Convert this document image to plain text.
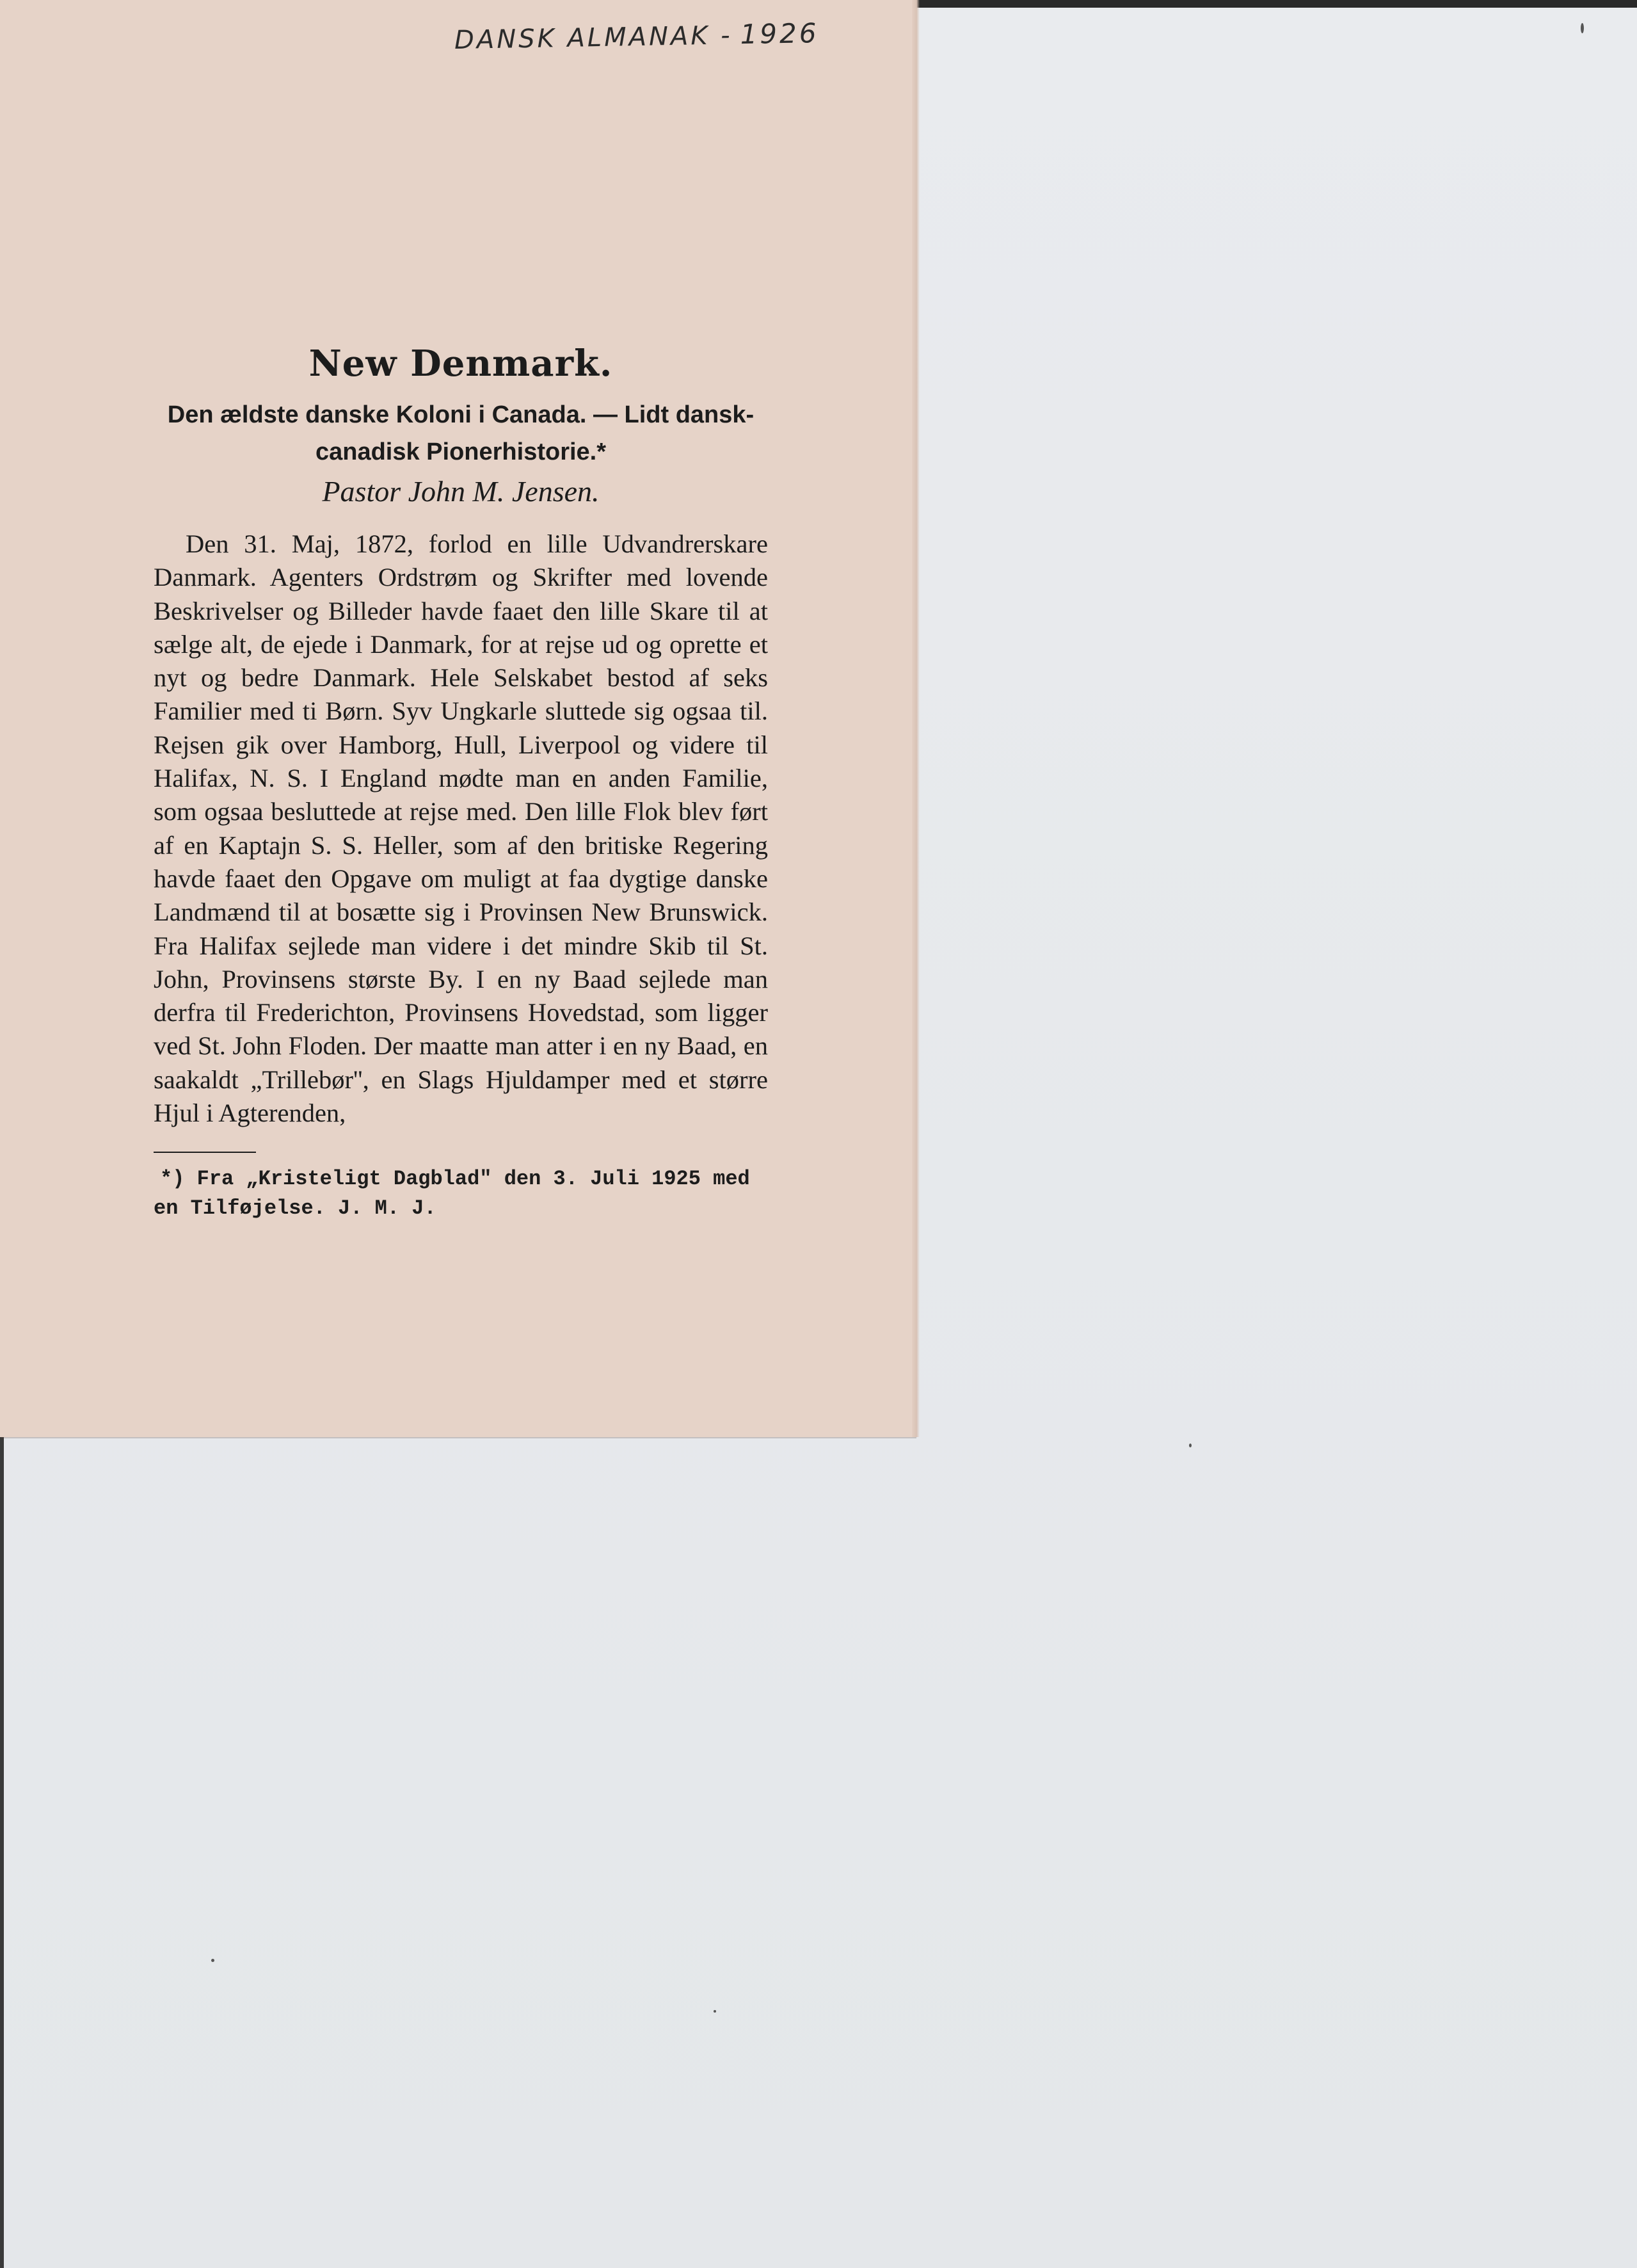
DANSK ALMANAK - 1926
New Denmark.

Den ældste danske Koloni i Canada. — Lidt dansk-canadisk Pionerhistorie.*

Pastor John M. Jensen.

Den 31. Maj, 1872, forlod en lille Udvandrerskare Danmark. Agenters Ordstrøm og Skrifter med lovende Beskrivelser og Billeder havde faaet den lille Skare til at sælge alt, de ejede i Danmark, for at rejse ud og oprette et nyt og bedre Danmark. Hele Selskabet bestod af seks Familier med ti Børn. Syv Ungkarle sluttede sig ogsaa til. Rejsen gik over Hamborg, Hull, Liverpool og videre til Halifax, N. S. I England mødte man en anden Familie, som ogsaa besluttede at rejse med. Den lille Flok blev ført af en Kaptajn S. S. Heller, som af den britiske Regering havde faaet den Opgave om muligt at faa dygtige danske Landmænd til at bosætte sig i Provinsen New Brunswick. Fra Halifax sejlede man videre i det mindre Skib til St. John, Provinsens største By. I en ny Baad sejlede man derfra til Frederichton, Provinsens Hovedstad, som ligger ved St. John Floden. Der maatte man atter i en ny Baad, en saakaldt „Trillebør'', en Slags Hjuldamper med et større Hjul i Agterenden,

*) Fra „Kristeligt Dagblad" den 3. Juli 1925 med en Tilføjelse. J. M. J.
